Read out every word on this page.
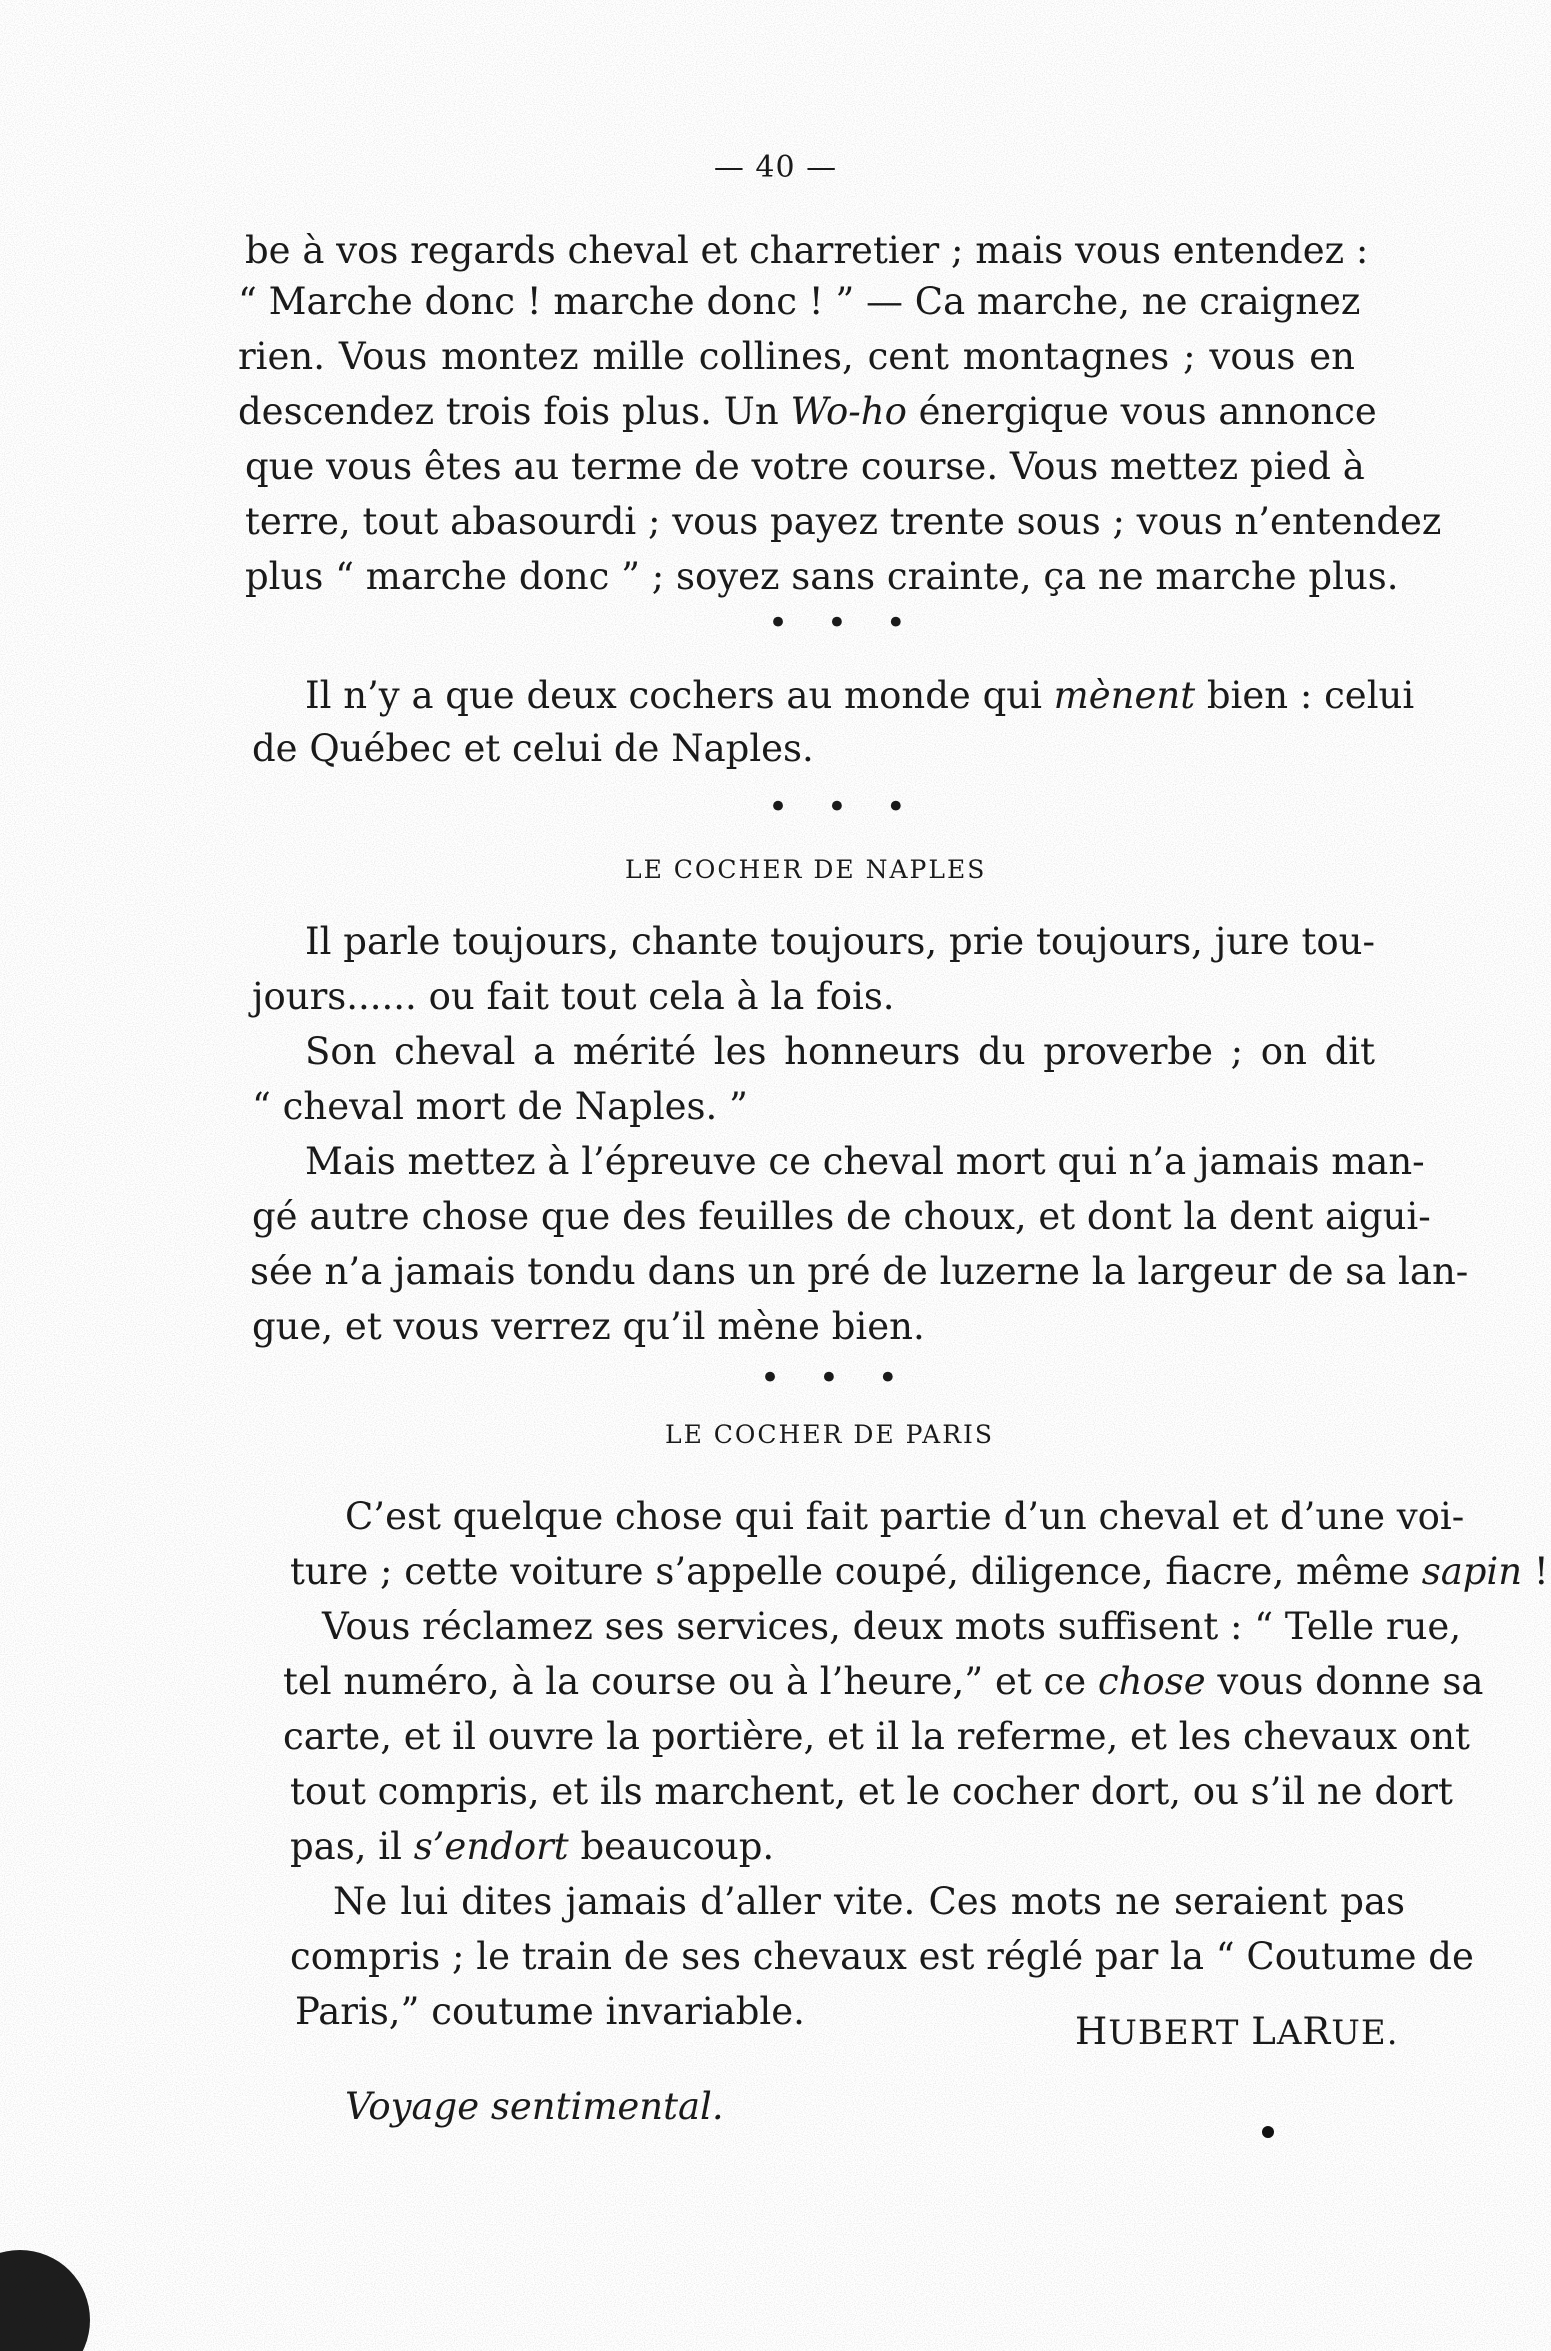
— 40 —
be à vos regards cheval et charretier ; mais vous entendez :
“ Marche donc ! marche donc ! ” — Ca marche, ne craignez
rien. Vous montez mille collines, cent montagnes ; vous en
descendez trois fois plus. Un Wo-ho énergique vous annonce
que vous êtes au terme de votre course. Vous mettez pied à
terre, tout abasourdi ; vous payez trente sous ; vous n’entendez
plus “ marche donc ” ; soyez sans crainte, ça ne marche plus.
• • •
Il n’y a que deux cochers au monde qui mènent bien : celui
de Québec et celui de Naples.
• • •
LE COCHER DE NAPLES
Il parle toujours, chante toujours, prie toujours, jure tou-
jours...... ou fait tout cela à la fois.
Son cheval a mérité les honneurs du proverbe ; on dit
“ cheval mort de Naples. ”
Mais mettez à l’épreuve ce cheval mort qui n’a jamais man-
gé autre chose que des feuilles de choux, et dont la dent aigui-
sée n’a jamais tondu dans un pré de luzerne la largeur de sa lan-
gue, et vous verrez qu’il mène bien.
• • •
LE COCHER DE PARIS
C’est quelque chose qui fait partie d’un cheval et d’une voi-
ture ; cette voiture s’appelle coupé, diligence, fiacre, même sapin !
Vous réclamez ses services, deux mots suffisent : “ Telle rue,
tel numéro, à la course ou à l’heure,” et ce chose vous donne sa
carte, et il ouvre la portière, et il la referme, et les chevaux ont
tout compris, et ils marchent, et le cocher dort, ou s’il ne dort
pas, il s’endort beaucoup.
Ne lui dites jamais d’aller vite. Ces mots ne seraient pas
compris ; le train de ses chevaux est réglé par la “ Coutume de
Paris,” coutume invariable.	HUBERT LARUE.
Voyage sentimental.
